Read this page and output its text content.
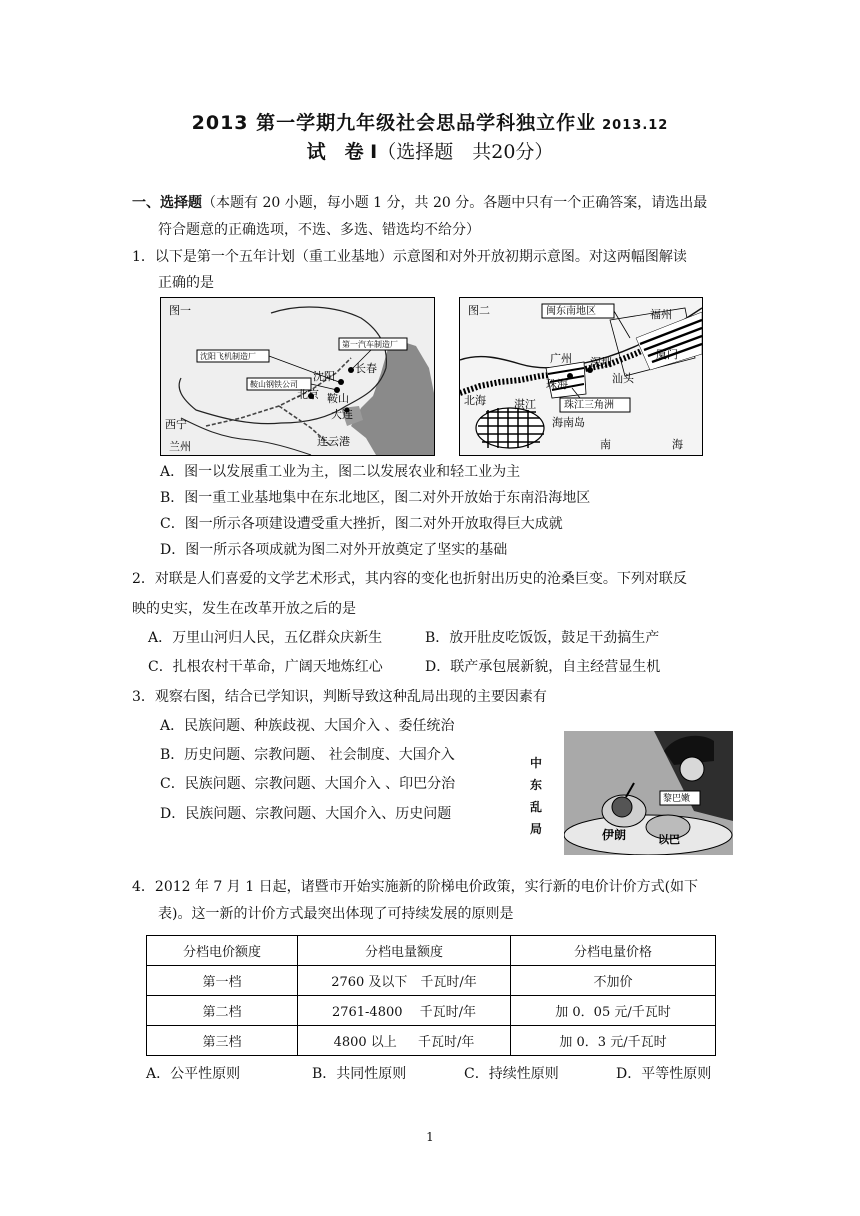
2013 第一学期九年级社会思品学科独立作业 2013.12
试　卷 Ⅰ（选择题　共20分）
一、选择题（本题有 20 小题，每小题 1 分，共 20 分。各题中只有一个正确答案，请选出最
符合题意的正确选项，不选、多选、错选均不给分）
1．以下是第一个五年计划（重工业基地）示意图和对外开放初期示意图。对这两幅图解读
正确的是
图一
沈阳飞机制造厂
第一汽车制造厂
鞍山钢铁公司
长春
沈阳
北京 鞍山
大连
西宁
兰州	连云港
图二	闽东南地区
珠江三角洲
福州
广州 深圳
厦门
珠海	汕头
北海	湛江
海南岛
南	海
A．图一以发展重工业为主，图二以发展农业和轻工业为主
B．图一重工业基地集中在东北地区，图二对外开放始于东南沿海地区
C．图一所示各项建设遭受重大挫折，图二对外开放取得巨大成就
D．图一所示各项成就为图二对外开放奠定了坚实的基础
2．对联是人们喜爱的文学艺术形式，其内容的变化也折射出历史的沧桑巨变。下列对联反
映的史实，发生在改革开放之后的是
A．万里山河归人民，五亿群众庆新生	B．放开肚皮吃饭饭，鼓足干劲搞生产
C．扎根农村干革命，广阔天地炼红心	D．联产承包展新貌，自主经营显生机
3．观察右图，结合已学知识，判断导致这种乱局出现的主要因素有
A．民族问题、种族歧视、大国介入 、委任统治
B．历史问题、宗教问题、 社会制度、大国介入
C．民族问题、宗教问题、大国介入 、印巴分治
D．民族问题、宗教问题、大国介入、历史问题
中
东
乱
局
黎巴嫩
伊朗	以巴
4．2012 年 7 月 1 日起，诸暨市开始实施新的阶梯电价政策，实行新的电价计价方式(如下
表)。这一新的计价方式最突出体现了可持续发展的原则是
分档电价额度	分档电量额度	分档电量价格
第一档	2760 及以下　千瓦时/年	不加价
第二档	2761-4800　 千瓦时/年	加 0．05 元/千瓦时
第三档	4800 以上 　 千瓦时/年	加 0．3 元/千瓦时
A．公平性原则	B．共同性原则	C．持续性原则	D．平等性原则
1
